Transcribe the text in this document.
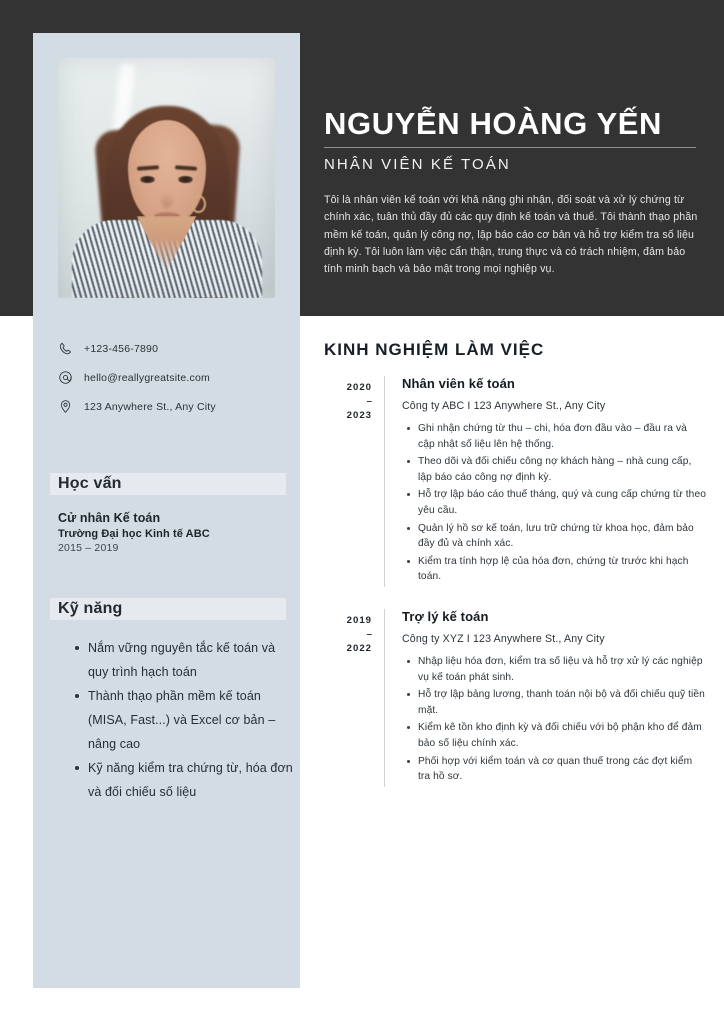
+123-456-7890
hello@reallygreatsite.com
123 Anywhere St., Any City
Học vấn
Cử nhân Kế toán
Trường Đại học Kinh tế ABC
2015 – 2019
Kỹ năng
Nắm vững nguyên tắc kế toán và quy trình hạch toán
Thành thạo phần mềm kế toán (MISA, Fast...) và Excel cơ bản – nâng cao
Kỹ năng kiểm tra chứng từ, hóa đơn và đối chiếu số liệu
NGUYỄN HOÀNG YẾN
NHÂN VIÊN KẾ TOÁN
Tôi là nhân viên kế toán với khả năng ghi nhận, đối soát và xử lý chứng từ chính xác, tuân thủ đầy đủ các quy định kế toán và thuế. Tôi thành thạo phần mềm kế toán, quản lý công nợ, lập báo cáo cơ bản và hỗ trợ kiểm tra số liệu định kỳ. Tôi luôn làm việc cẩn thận, trung thực và có trách nhiệm, đảm bảo tính minh bạch và bảo mật trong mọi nghiệp vụ.
KINH NGHIỆM LÀM VIỆC
2020
–
2023
Nhân viên kế toán
Công ty ABC I 123 Anywhere St., Any City
Ghi nhận chứng từ thu – chi, hóa đơn đầu vào – đầu ra và cập nhật số liệu lên hệ thống.
Theo dõi và đối chiếu công nợ khách hàng – nhà cung cấp, lập báo cáo công nợ định kỳ.
Hỗ trợ lập báo cáo thuế tháng, quý và cung cấp chứng từ theo yêu cầu.
Quản lý hồ sơ kế toán, lưu trữ chứng từ khoa học, đảm bảo đầy đủ và chính xác.
Kiểm tra tính hợp lệ của hóa đơn, chứng từ trước khi hạch toán.
2019
–
2022
Trợ lý kế toán
Công ty XYZ I 123 Anywhere St., Any City
Nhập liệu hóa đơn, kiểm tra số liệu và hỗ trợ xử lý các nghiệp vụ kế toán phát sinh.
Hỗ trợ lập bảng lương, thanh toán nội bộ và đối chiếu quỹ tiền mặt.
Kiểm kê tồn kho định kỳ và đối chiếu với bộ phận kho để đảm bảo số liệu chính xác.
Phối hợp với kiểm toán và cơ quan thuế trong các đợt kiểm tra hồ sơ.
